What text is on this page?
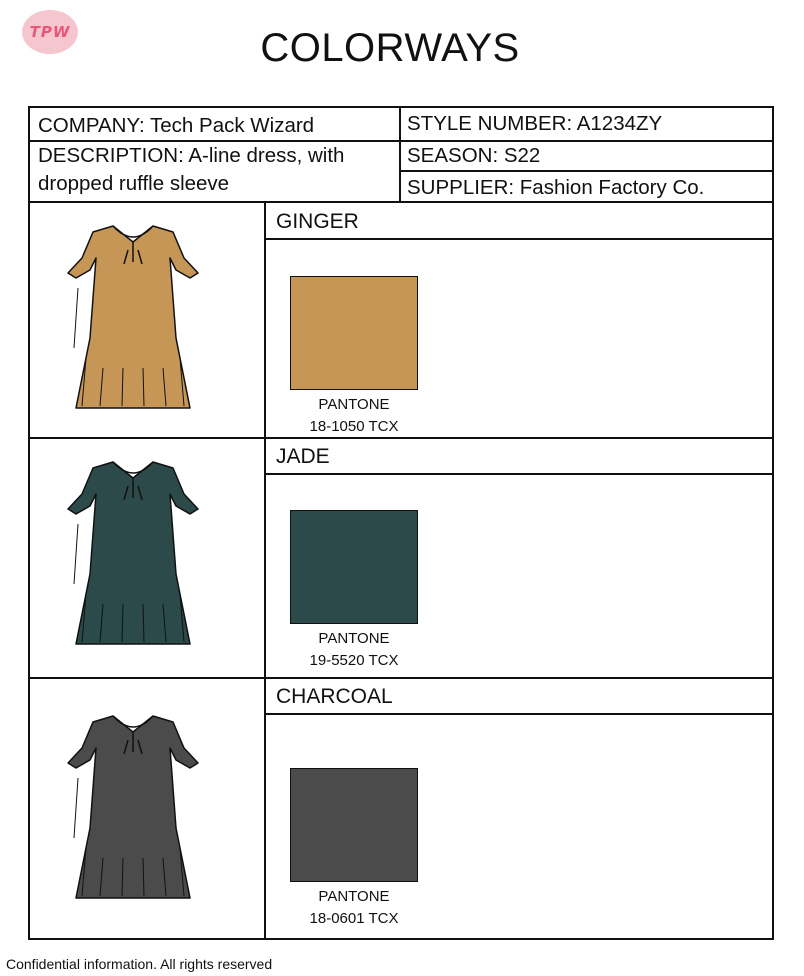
TPW	COLORWAYS
COMPANY: Tech Pack Wizard
DESCRIPTION: A-line dress, with dropped ruffle sleeve
STYLE NUMBER: A1234ZY
SEASON: S22
SUPPLIER: Fashion Factory Co.
GINGER
PANTONE
18-1050 TCX
JADE
PANTONE
19-5520 TCX
CHARCOAL
PANTONE
18-0601 TCX
Confidential information. All rights reserved
